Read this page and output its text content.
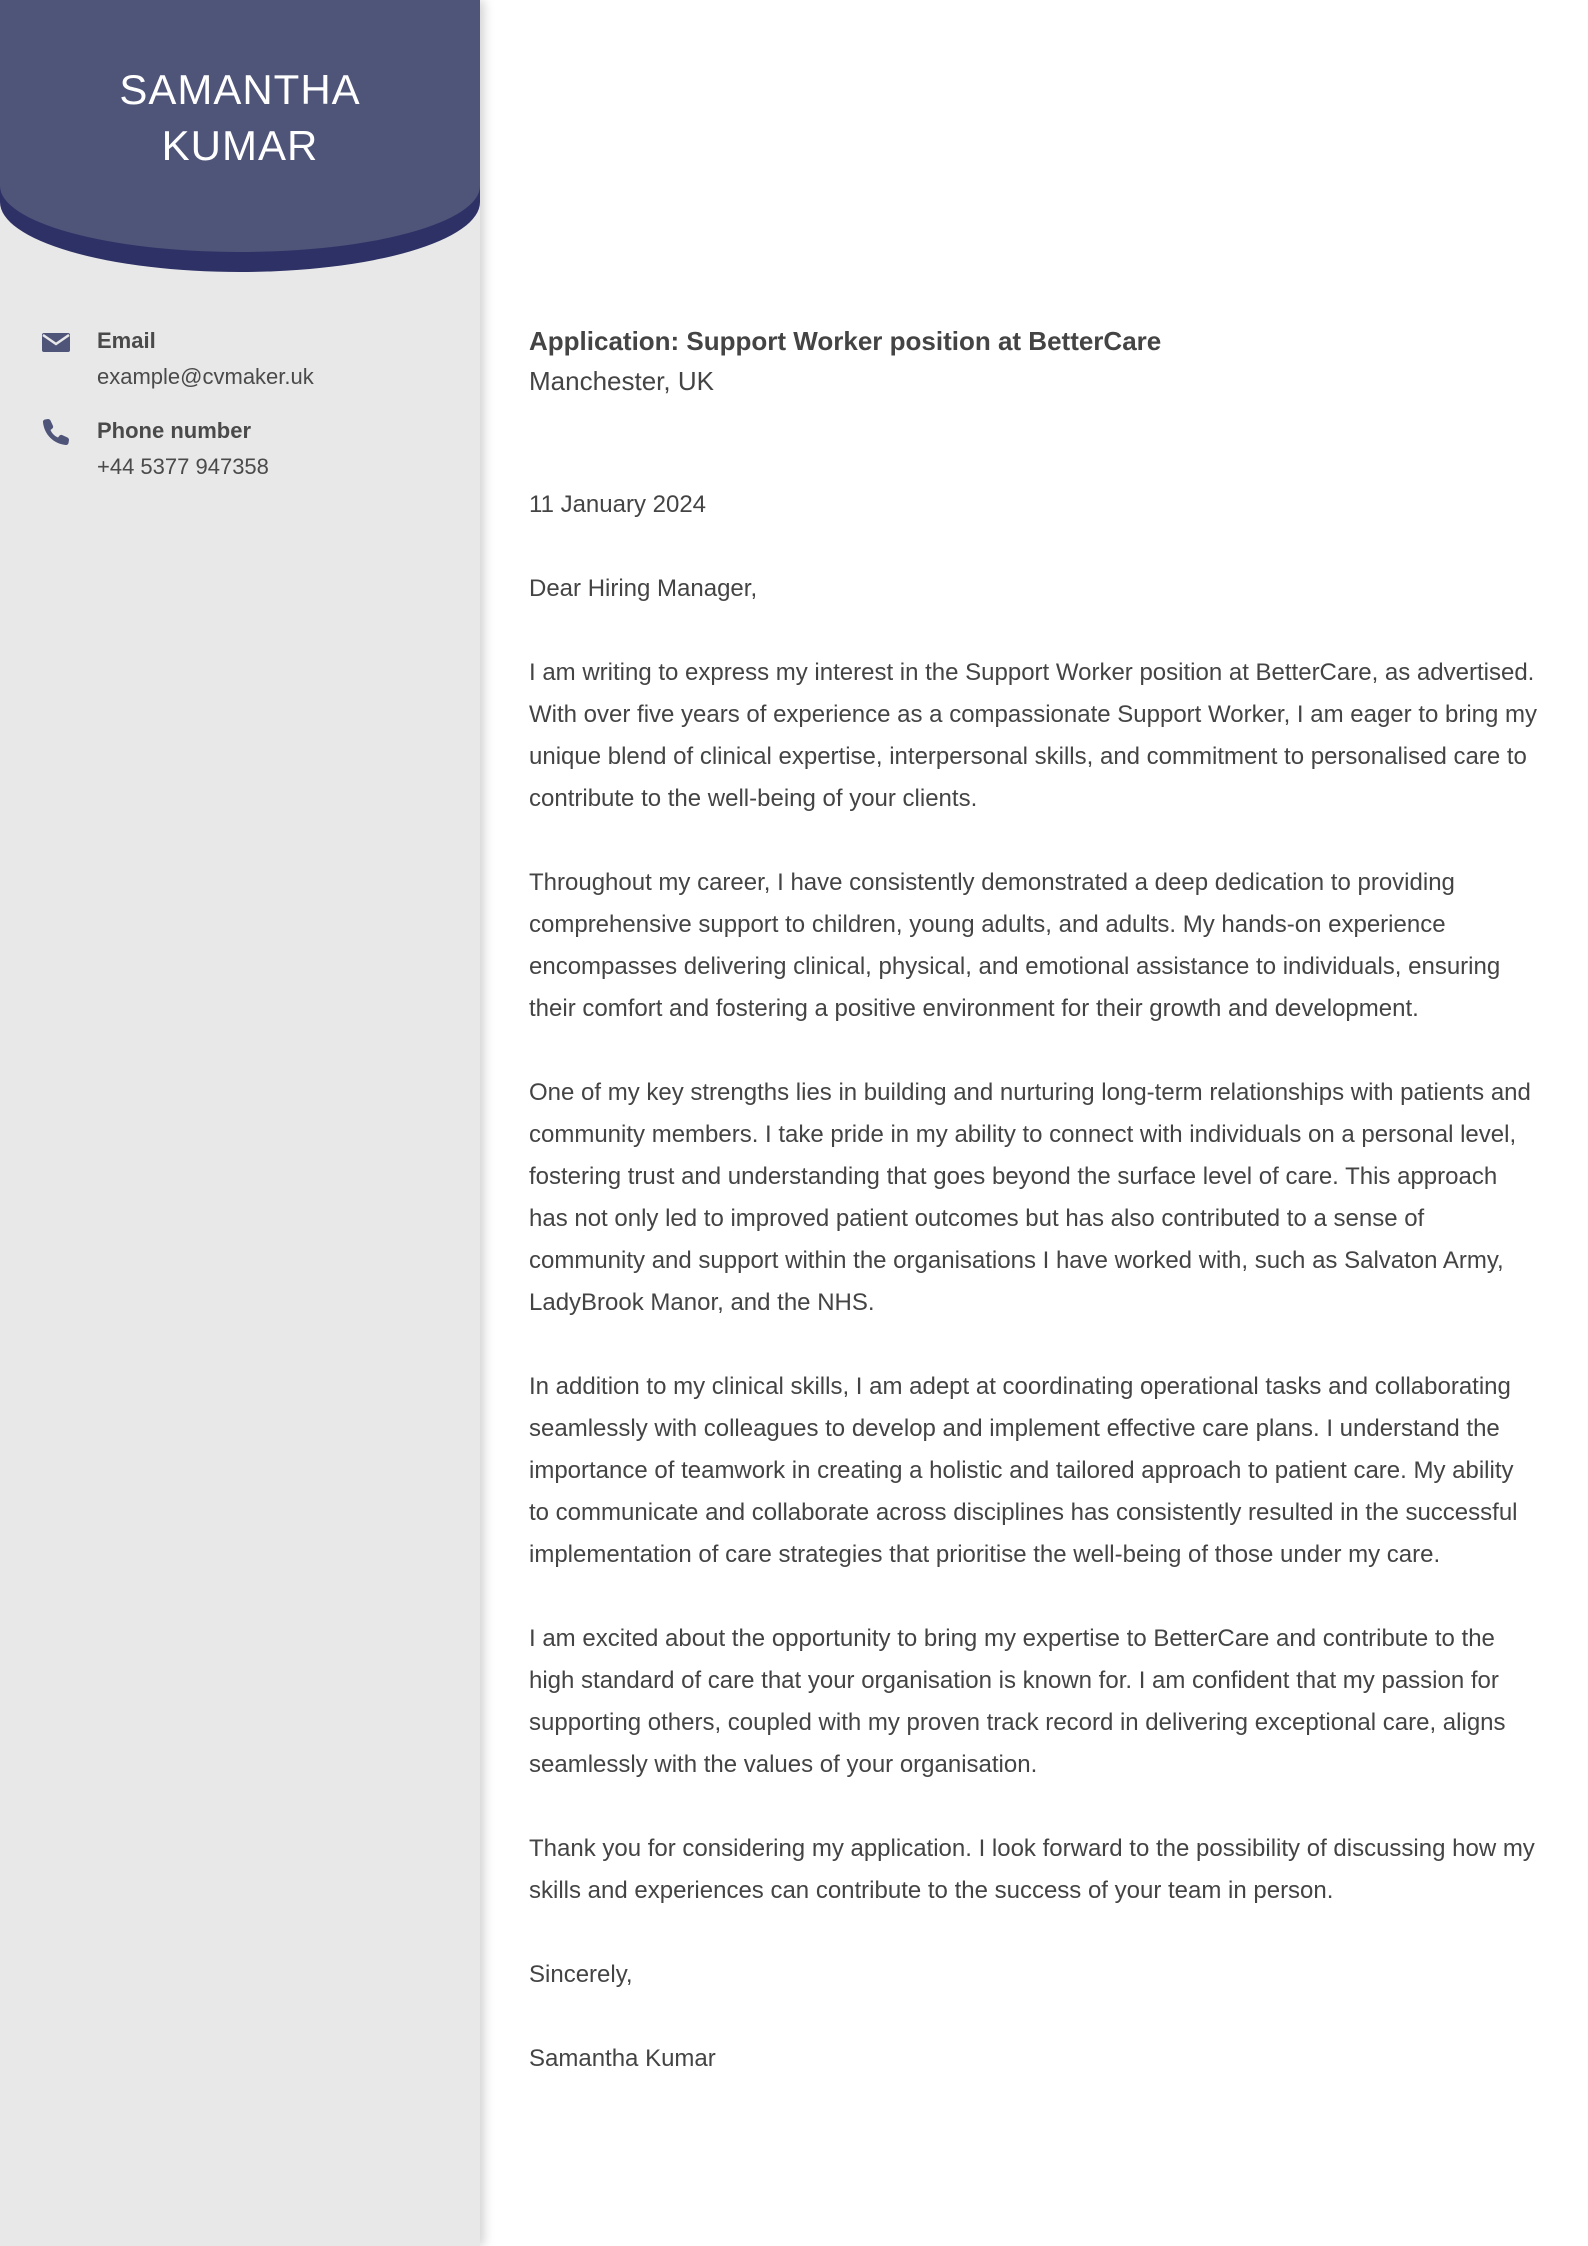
SAMANTHA KUMAR
Email
example@cvmaker.uk
Phone number
+44 5377 947358
Application: Support Worker position at BetterCare
Manchester, UK

11 January 2024

Dear Hiring Manager,

I am writing to express my interest in the Support Worker position at BetterCare, as advertised. With over five years of experience as a compassionate Support Worker, I am eager to bring my unique blend of clinical expertise, interpersonal skills, and commitment to personalised care to contribute to the well-being of your clients.

Throughout my career, I have consistently demonstrated a deep dedication to providing comprehensive support to children, young adults, and adults. My hands-on experience encompasses delivering clinical, physical, and emotional assistance to individuals, ensuring their comfort and fostering a positive environment for their growth and development.

One of my key strengths lies in building and nurturing long-term relationships with patients and community members. I take pride in my ability to connect with individuals on a personal level, fostering trust and understanding that goes beyond the surface level of care. This approach has not only led to improved patient outcomes but has also contributed to a sense of community and support within the organisations I have worked with, such as Salvaton Army, LadyBrook Manor, and the NHS.

In addition to my clinical skills, I am adept at coordinating operational tasks and collaborating seamlessly with colleagues to develop and implement effective care plans. I understand the importance of teamwork in creating a holistic and tailored approach to patient care. My ability to communicate and collaborate across disciplines has consistently resulted in the successful implementation of care strategies that prioritise the well-being of those under my care.

I am excited about the opportunity to bring my expertise to BetterCare and contribute to the high standard of care that your organisation is known for. I am confident that my passion for supporting others, coupled with my proven track record in delivering exceptional care, aligns seamlessly with the values of your organisation.

Thank you for considering my application. I look forward to the possibility of discussing how my skills and experiences can contribute to the success of your team in person.

Sincerely,

Samantha Kumar
